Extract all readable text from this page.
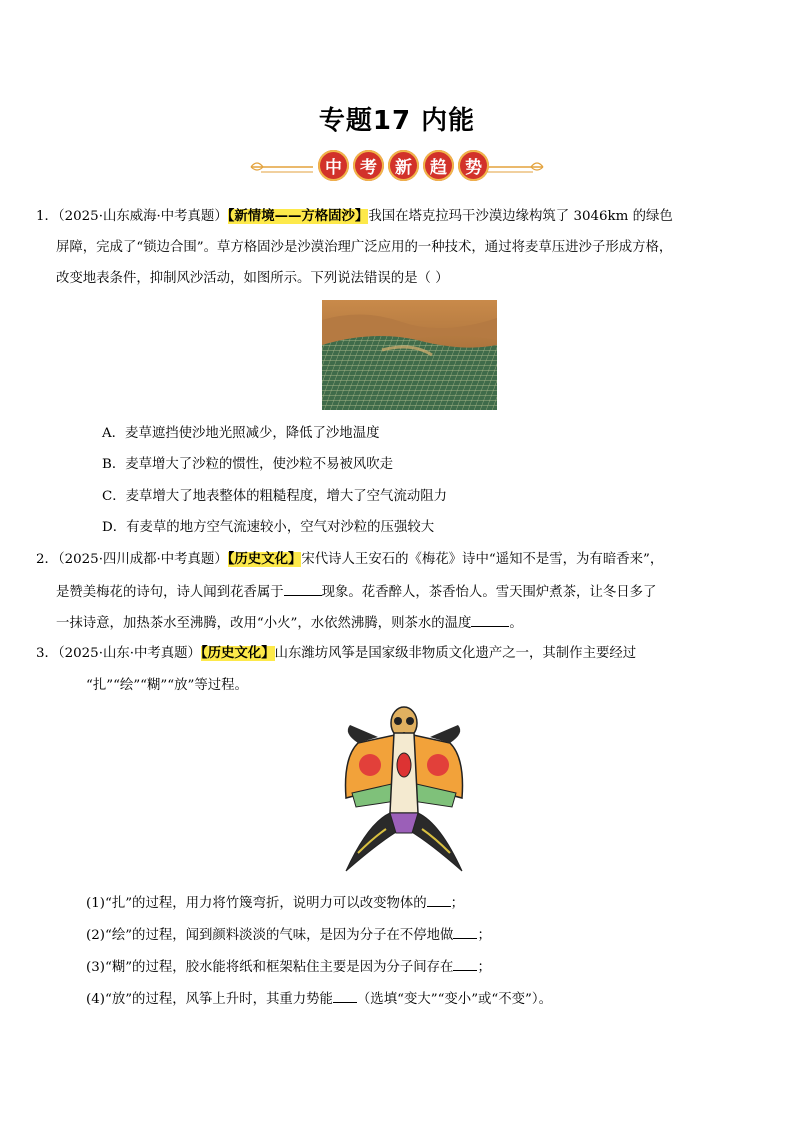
专题17 内能
中	考	新	趋	势
1．（2025·山东威海·中考真题）【新情境——方格固沙】我国在塔克拉玛干沙漠边缘构筑了 3046km 的绿色
屏障，完成了“锁边合围”。草方格固沙是沙漠治理广泛应用的一种技术，通过将麦草压进沙子形成方格，
改变地表条件，抑制风沙活动，如图所示。下列说法错误的是（ ）
A．麦草遮挡使沙地光照减少，降低了沙地温度
B．麦草增大了沙粒的惯性，使沙粒不易被风吹走
C．麦草增大了地表整体的粗糙程度，增大了空气流动阻力
D．有麦草的地方空气流速较小，空气对沙粒的压强较大
2．（2025·四川成都·中考真题）【历史文化】宋代诗人王安石的《梅花》诗中“遥知不是雪，为有暗香来”，
是赞美梅花的诗句，诗人闻到花香属于	现象。花香醉人，茶香怡人。雪天围炉煮茶，让冬日多了
一抹诗意，加热茶水至沸腾，改用“小火”，水依然沸腾，则茶水的温度	。
3．（2025·山东·中考真题）【历史文化】山东潍坊风筝是国家级非物质文化遗产之一，其制作主要经过
“扎”“绘”“糊”“放”等过程。
(1)“扎”的过程，用力将竹篾弯折，说明力可以改变物体的 ；
(2)“绘”的过程，闻到颜料淡淡的气味，是因为分子在不停地做 ；
(3)“糊”的过程，胶水能将纸和框架粘住主要是因为分子间存在 ；
(4)“放”的过程，风筝上升时，其重力势能 （选填“变大”“变小”或“不变”）。
